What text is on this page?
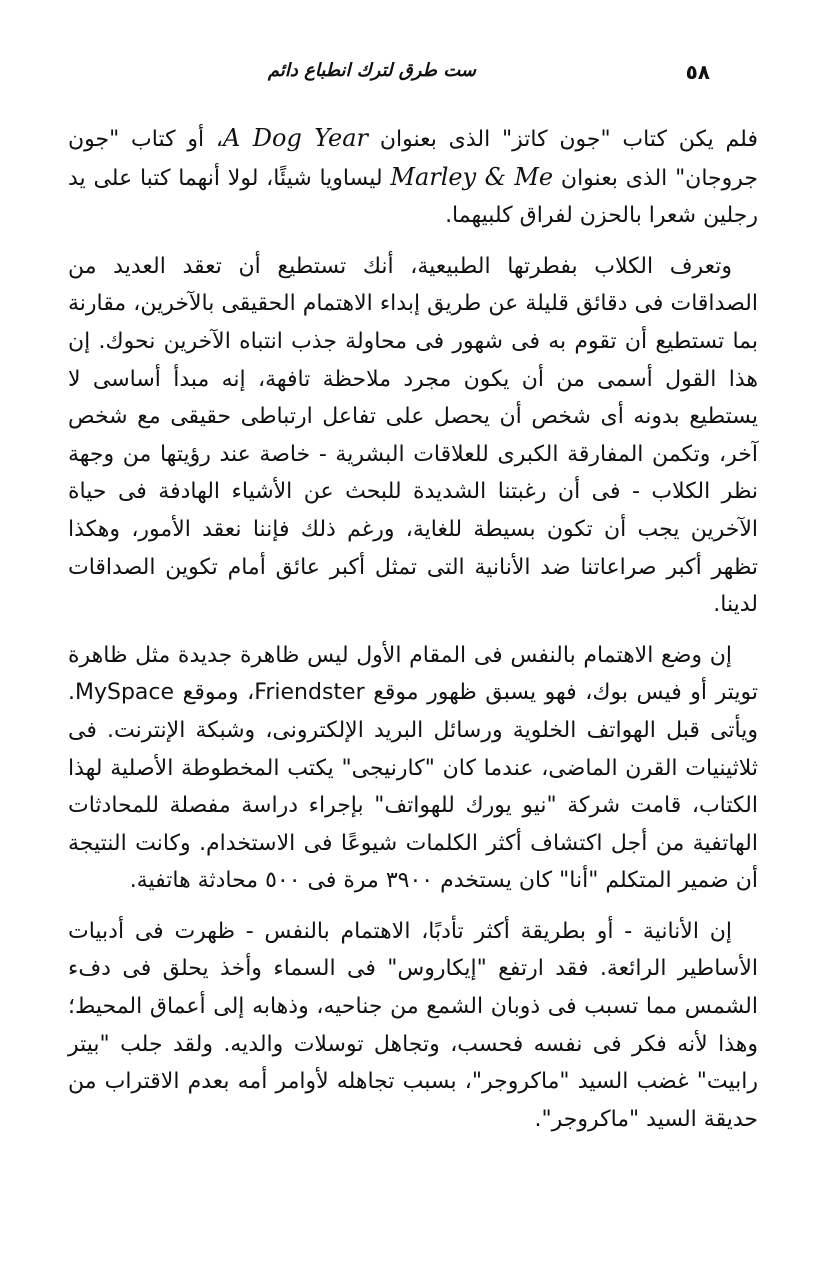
٥٨
ست طرق لترك انطباع دائم

فلم يكن كتاب "جون كاتز" الذى بعنوان A Dog Year، أو كتاب "جون جروجان" الذى بعنوان Marley & Me ليساويا شيئًا، لولا أنهما كتبا على يد رجلين شعرا بالحزن لفراق كلبيهما.

وتعرف الكلاب بفطرتها الطبيعية، أنك تستطيع أن تعقد العديد من الصداقات فى دقائق قليلة عن طريق إبداء الاهتمام الحقيقى بالآخرين، مقارنة بما تستطيع أن تقوم به فى شهور فى محاولة جذب انتباه الآخرين نحوك. إن هذا القول أسمى من أن يكون مجرد ملاحظة تافهة، إنه مبدأ أساسى لا يستطيع بدونه أى شخص أن يحصل على تفاعل ارتباطى حقيقى مع شخص آخر، وتكمن المفارقة الكبرى للعلاقات البشرية - خاصة عند رؤيتها من وجهة نظر الكلاب - فى أن رغبتنا الشديدة للبحث عن الأشياء الهادفة فى حياة الآخرين يجب أن تكون بسيطة للغاية، ورغم ذلك فإننا نعقد الأمور، وهكذا تظهر أكبر صراعاتنا ضد الأنانية التى تمثل أكبر عائق أمام تكوين الصداقات لدينا.

إن وضع الاهتمام بالنفس فى المقام الأول ليس ظاهرة جديدة مثل ظاهرة تويتر أو فيس بوك، فهو يسبق ظهور موقع Friendster، وموقع MySpace. ويأتى قبل الهواتف الخلوية ورسائل البريد الإلكترونى، وشبكة الإنترنت. فى ثلاثينيات القرن الماضى، عندما كان "كارنيجى" يكتب المخطوطة الأصلية لهذا الكتاب، قامت شركة "نيو يورك للهواتف" بإجراء دراسة مفصلة للمحادثات الهاتفية من أجل اكتشاف أكثر الكلمات شيوعًا فى الاستخدام. وكانت النتيجة أن ضمير المتكلم "أنا" كان يستخدم ٣٩٠٠ مرة فى ٥٠٠ محادثة هاتفية.

إن الأنانية - أو بطريقة أكثر تأدبًا، الاهتمام بالنفس - ظهرت فى أدبيات الأساطير الرائعة. فقد ارتفع "إيكاروس" فى السماء وأخذ يحلق فى دفء الشمس مما تسبب فى ذوبان الشمع من جناحيه، وذهابه إلى أعماق المحيط؛ وهذا لأنه فكر فى نفسه فحسب، وتجاهل توسلات والديه. ولقد جلب "بيتر رابيت" غضب السيد "ماكروجر"، بسبب تجاهله لأوامر أمه بعدم الاقتراب من حديقة السيد "ماكروجر".
